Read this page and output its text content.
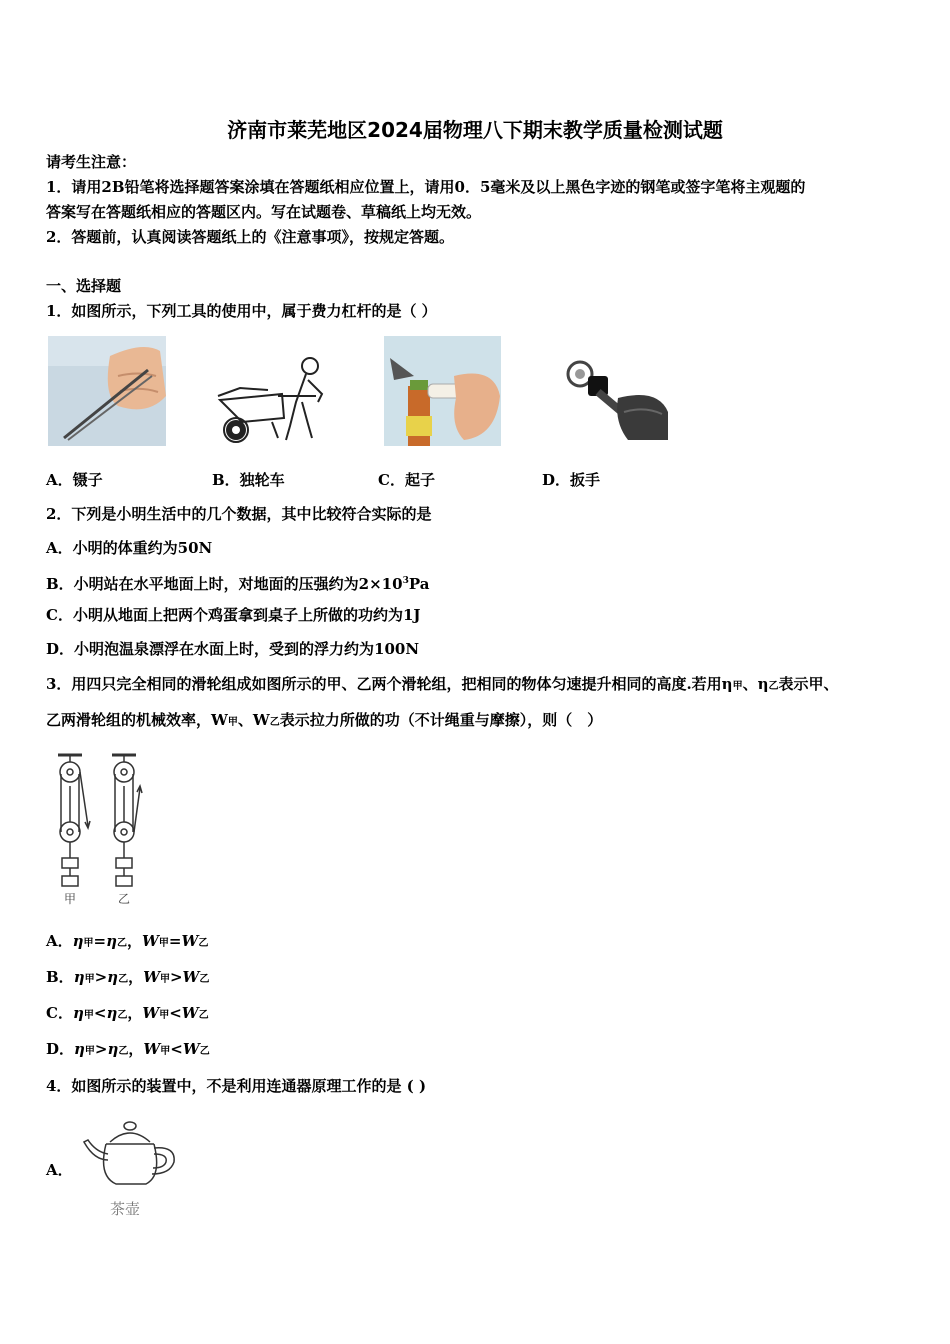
济南市莱芜地区2024届物理八下期末教学质量检测试题
请考生注意：
1．请用2B铅笔将选择题答案涂填在答题纸相应位置上，请用0．5毫米及以上黑色字迹的钢笔或签字笔将主观题的
答案写在答题纸相应的答题区内。写在试题卷、草稿纸上均无效。
2．答题前，认真阅读答题纸上的《注意事项》，按规定答题。
一、选择题
1．如图所示，下列工具的使用中，属于费力杠杆的是（ ）
A．镊子	B．独轮车	C．起子	D．扳手
2．下列是小明生活中的几个数据，其中比较符合实际的是
A．小明的体重约为50N
B．小明站在水平地面上时，对地面的压强约为$2\times 10^3Pa$
C．小明从地面上把两个鸡蛋拿到桌子上所做的功约为1J
D．小明泡温泉漂浮在水面上时，受到的浮力约为100N
3．用四只完全相同的滑轮组成如图所示的甲、乙两个滑轮组，把相同的物体匀速提升相同的高度.若用η甲、η乙表示甲、
乙两滑轮组的机械效率，W甲、W乙表示拉力所做的功（不计绳重与摩擦），则（　）
甲	乙
A．η甲=η乙，W甲=W乙
B．η甲>η乙，W甲>W乙
C．η甲<η乙，W甲<W乙
D．η甲>η乙，W甲<W乙
4．如图所示的装置中，不是利用连通器原理工作的是 ( )
A．
茶壶
